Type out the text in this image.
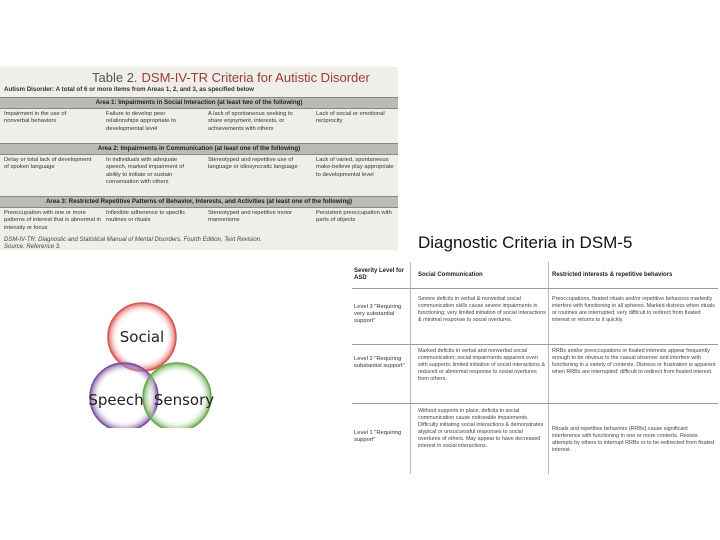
Table 2. DSM-IV-TR Criteria for Autistic Disorder
Autism Disorder: A total of 6 or more items from Areas 1, 2, and 3, as specified below
Area 1: Impairments in Social Interaction (at least two of the following)
Impairment in the use of nonverbal behaviors
Failure to develop peer relationships appropriate to developmental level
A lack of spontaneous seeking to share enjoyment, interests, or achievements with others
Lack of social or emotional reciprocity
Area 2: Impairments in Communication (at least one of the following)
Delay or total lack of development of spoken language
In individuals with adequate speech, marked impairment of ability to initiate or sustain conversation with others
Stereotyped and repetitive use of language or idiosyncratic language
Lack of varied, spontaneous make-believe play appropriate to developmental level
Area 3: Restricted Repetitive Patterns of Behavior, Interests, and Activities (at least one of the following)
Preoccupation with one or more patterns of interest that is abnormal in intensity or focus
Inflexible adherence to specific routines or rituals
Stereotyped and repetitive motor mannerisms
Persistent preoccupation with parts of objects
DSM-IV-TR: Diagnostic and Statistical Manual of Mental Disorders, Fourth Edition, Text Revision.
Source: Reference 3.
Social
Speech Sensory
Diagnostic Criteria in DSM-5
Severity Level for ASD	Social Communication	Restricted interests & repetitive behaviors
Level 3 "Requiring very substantial support"
Severe deficits in verbal & nonverbal social communication skills cause severe impairments in functioning; very limited initiation of social interactions & minimal response to social overtures.
Preoccupations, fixated rituals and/or repetitive behaviors markedly interfere with functioning in all spheres. Marked distress when rituals or routines are interrupted; very difficult to redirect from fixated interest or returns to it quickly.
Level 2 "Requiring substantial support"
Marked deficits in verbal and nonverbal social communication; social impairments apparent even with supports; limited initiation of social interactions & reduced or abnormal response to social overtures from others.
RRBs and/or preoccupations or fixated interests appear frequently enough to be obvious to the casual observer and interfere with functioning in a variety of contexts. Distress or frustration is apparent when RRBs are interrupted; difficult to redirect from fixated interest.
Level 1 "Requiring support"
Without supports in place, deficits in social communication cause noticeable impairments. Difficulty initiating social interactions & demonstrates atypical or unsuccessful responses to social overtures of others. May appear to have decreased interest in social interactions.
Rituals and repetitive behaviors (RRBs) cause significant interference with functioning in one or more contexts. Resists attempts by others to interrupt RRBs or to be redirected from fixated interest.
